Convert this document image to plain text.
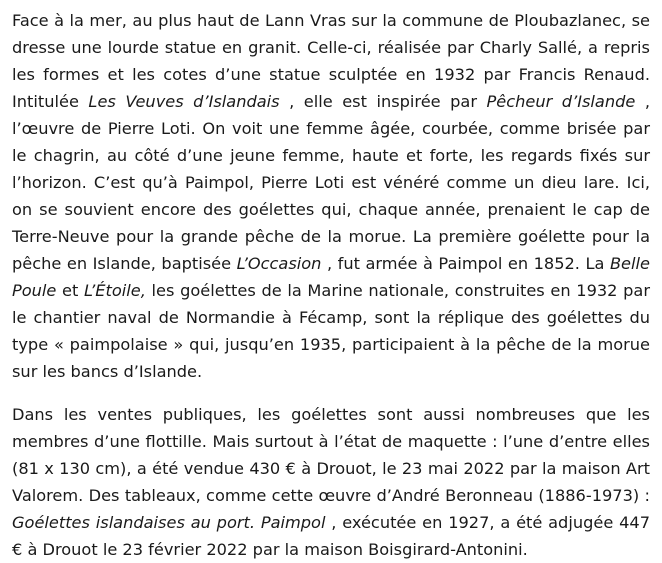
Face à la mer, au plus haut de Lann Vras sur la commune de Ploubazlanec, se dresse une lourde statue en granit. Celle-ci, réalisée par Charly Sallé, a repris les formes et les cotes d’une statue sculptée en 1932 par Francis Renaud. Intitulée Les Veuves d’Islandais , elle est inspirée par Pêcheur d’Islande , l’œuvre de Pierre Loti. On voit une femme âgée, courbée, comme brisée par le chagrin, au côté d’une jeune femme, haute et forte, les regards fixés sur l’horizon. C’est qu’à Paimpol, Pierre Loti est vénéré comme un dieu lare. Ici, on se souvient encore des goélettes qui, chaque année, prenaient le cap de Terre-Neuve pour la grande pêche de la morue. La première goélette pour la pêche en Islande, baptisée L’Occasion , fut armée à Paimpol en 1852. La Belle Poule et L’Étoile, les goélettes de la Marine nationale, construites en 1932 par le chantier naval de Normandie à Fécamp, sont la réplique des goélettes du type « paimpolaise » qui, jusqu’en 1935, participaient à la pêche de la morue sur les bancs d’Islande.

Dans les ventes publiques, les goélettes sont aussi nombreuses que les membres d’une flottille. Mais surtout à l’état de maquette : l’une d’entre elles (81 x 130 cm), a été vendue 430 € à Drouot, le 23 mai 2022 par la maison Art Valorem. Des tableaux, comme cette œuvre d’André Beronneau (1886-1973) : Goélettes islandaises au port. Paimpol , exécutée en 1927, a été adjugée 447 € à Drouot le 23 février 2022 par la maison Boisgirard-Antonini.
